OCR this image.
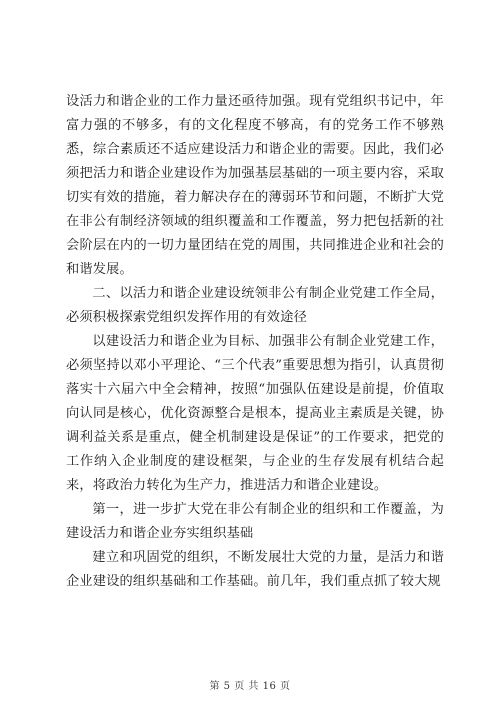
设活力和谐企业的工作力量还亟待加强。现有党组织书记中，年富力强的不够多，有的文化程度不够高，有的党务工作不够熟悉，综合素质还不适应建设活力和谐企业的需要。因此，我们必须把活力和谐企业建设作为加强基层基础的一项主要内容，采取切实有效的措施，着力解决存在的薄弱环节和问题，不断扩大党在非公有制经济领域的组织覆盖和工作覆盖，努力把包括新的社会阶层在内的一切力量团结在党的周围，共同推进企业和社会的和谐发展。

二、以活力和谐企业建设统领非公有制企业党建工作全局，必须积极探索党组织发挥作用的有效途径

以建设活力和谐企业为目标、加强非公有制企业党建工作，必须坚持以邓小平理论、“三个代表”重要思想为指引，认真贯彻落实十六届六中全会精神，按照“加强队伍建设是前提，价值取向认同是核心，优化资源整合是根本，提高业主素质是关键，协调利益关系是重点，健全机制建设是保证”的工作要求，把党的工作纳入企业制度的建设框架，与企业的生存发展有机结合起来，将政治力转化为生产力，推进活力和谐企业建设。

第一，进一步扩大党在非公有制企业的组织和工作覆盖，为建设活力和谐企业夯实组织基础

建立和巩固党的组织，不断发展壮大党的力量，是活力和谐企业建设的组织基础和工作基础。前几年，我们重点抓了较大规

第 5 页 共 16 页
